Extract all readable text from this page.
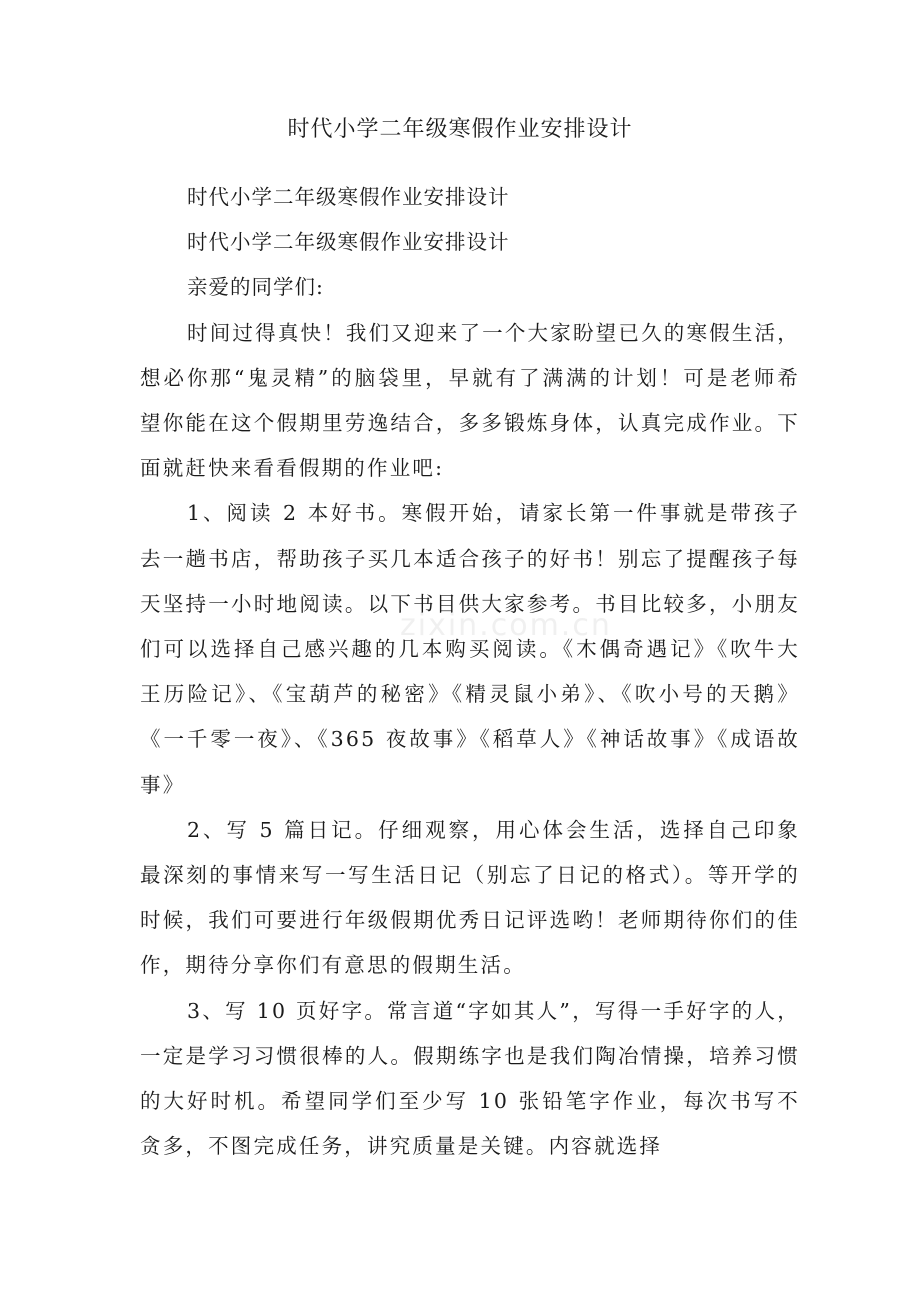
时代小学二年级寒假作业安排设计

时代小学二年级寒假作业安排设计

时代小学二年级寒假作业安排设计

亲爱的同学们:

时间过得真快！我们又迎来了一个大家盼望已久的寒假生活，想必你那“鬼灵精”的脑袋里，早就有了满满的计划！可是老师希望你能在这个假期里劳逸结合，多多锻炼身体，认真完成作业。下面就赶快来看看假期的作业吧:

1、阅读 2 本好书。寒假开始，请家长第一件事就是带孩子去一趟书店，帮助孩子买几本适合孩子的好书！别忘了提醒孩子每天坚持一小时地阅读。以下书目供大家参考。书目比较多，小朋友们可以选择自己感兴趣的几本购买阅读。《木偶奇遇记》《吹牛大王历险记》、《宝葫芦的秘密》《精灵鼠小弟》、《吹小号的天鹅》《一千零一夜》、《365 夜故事》《稻草人》《神话故事》《成语故事》

2、写 5 篇日记。仔细观察，用心体会生活，选择自己印象最深刻的事情来写一写生活日记（别忘了日记的格式）。等开学的时候，我们可要进行年级假期优秀日记评选哟！老师期待你们的佳作，期待分享你们有意思的假期生活。

3、写 10 页好字。常言道“字如其人”，写得一手好字的人，一定是学习习惯很棒的人。假期练字也是我们陶冶情操，培养习惯的大好时机。希望同学们至少写 10 张铅笔字作业，每次书写不贪多，不图完成任务，讲究质量是关键。内容就选择

zixin.com.cn
